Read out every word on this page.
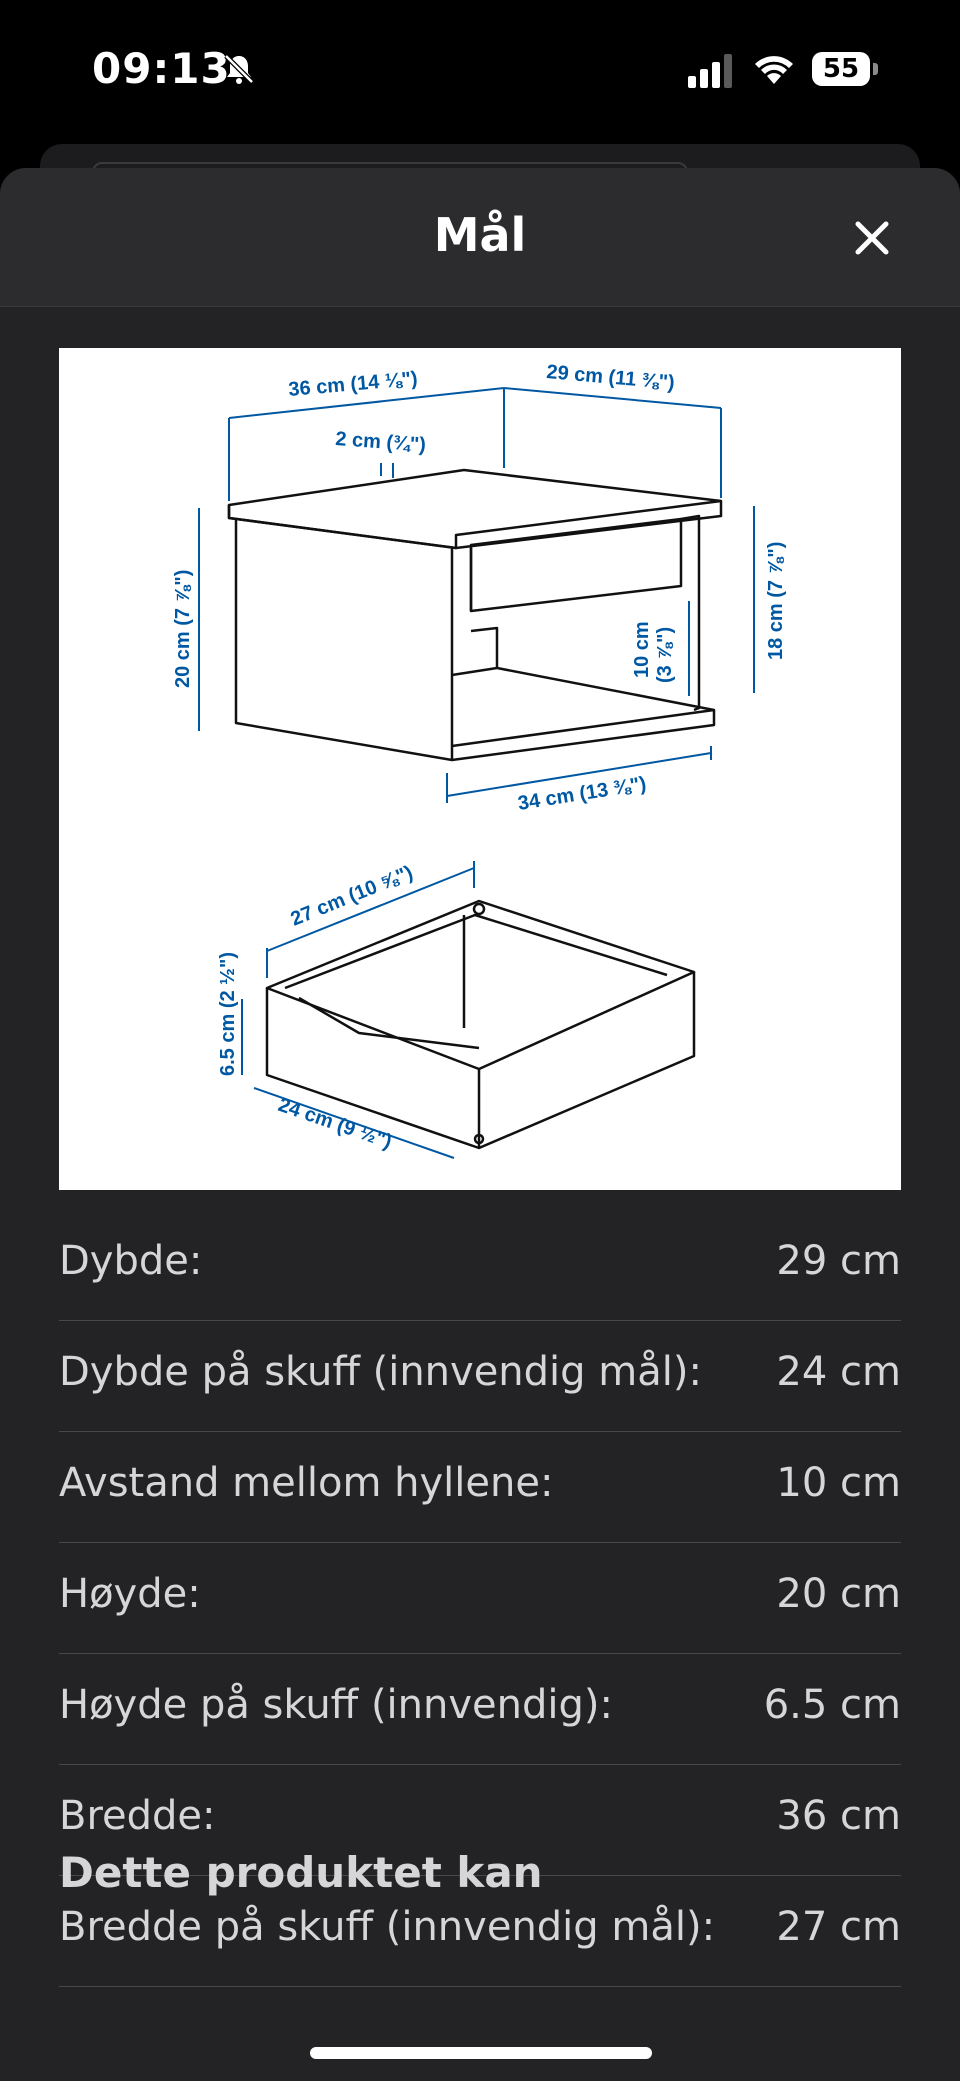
09:13	55
Mål
36 cm (14 ⅛")	29 cm (11 ⅜")
2 cm (¾")
20 cm (7 ⅞")	10 cm (3 ⅞")	18 cm (7 ⅞")
34 cm (13 ⅜")
27 cm (10 ⅝")
6.5 cm (2 ½")
24 cm (9 ½")
Dybde:	29 cm
Dybde på skuff (innvendig mål): 24 cm
Avstand mellom hyllene:	10 cm
Høyde:	20 cm
Høyde på skuff (innvendig):	6.5 cm
Bredde:	36 cm
Bredde på skuff (innvendig mål): 27 cm
Dette produktet kan
